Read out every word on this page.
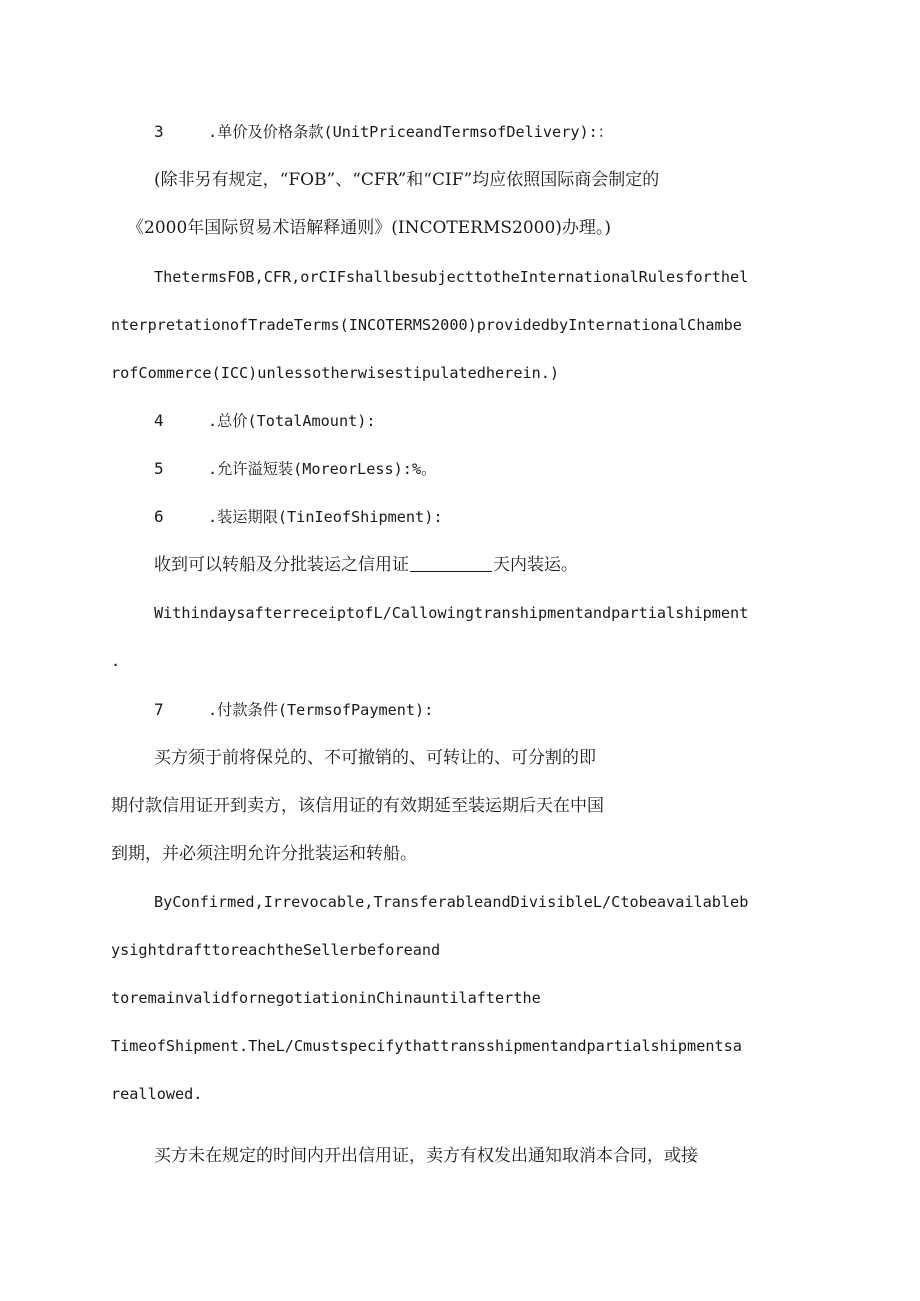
3	.单价及价格条款(UnitPriceandTermsofDelivery):：
(除非另有规定，“FOB”、“CFR”和“CIF”均应依照国际商会制定的
《2000年国际贸易术语解释通则》(INCOTERMS2000)办理。)
ThetermsFOB,CFR,orCIFshallbesubjecttotheInternationalRulesforthel
nterpretationofTradeTerms(INCOTERMS2000)providedbyInternationalChambe
rofCommerce(ICC)unlessotherwisestipulatedherein.)
4	.总价(TotalAmount):
5	.允许溢短装(MoreorLess):%。
6	.装运期限(TinIeofShipment):
收到可以转船及分批装运之信用证	天内装运。
WithindaysafterreceiptofL/Callowingtranshipmentandpartialshipment
.
7	.付款条件(TermsofPayment):
买方须于前将保兑的、不可撤销的、可转让的、可分割的即
期付款信用证开到卖方，该信用证的有效期延至装运期后天在中国
到期，并必须注明允许分批装运和转船。
ByConfirmed,Irrevocable,TransferableandDivisibleL/Ctobeavailableb
ysightdrafttoreachtheSellerbeforeand
toremainvalidfornegotiationinChinauntilafterthe
TimeofShipment.TheL/Cmustspecifythattransshipmentandpartialshipmentsa
reallowed.
买方未在规定的时间内开出信用证，卖方有权发出通知取消本合同，或接
